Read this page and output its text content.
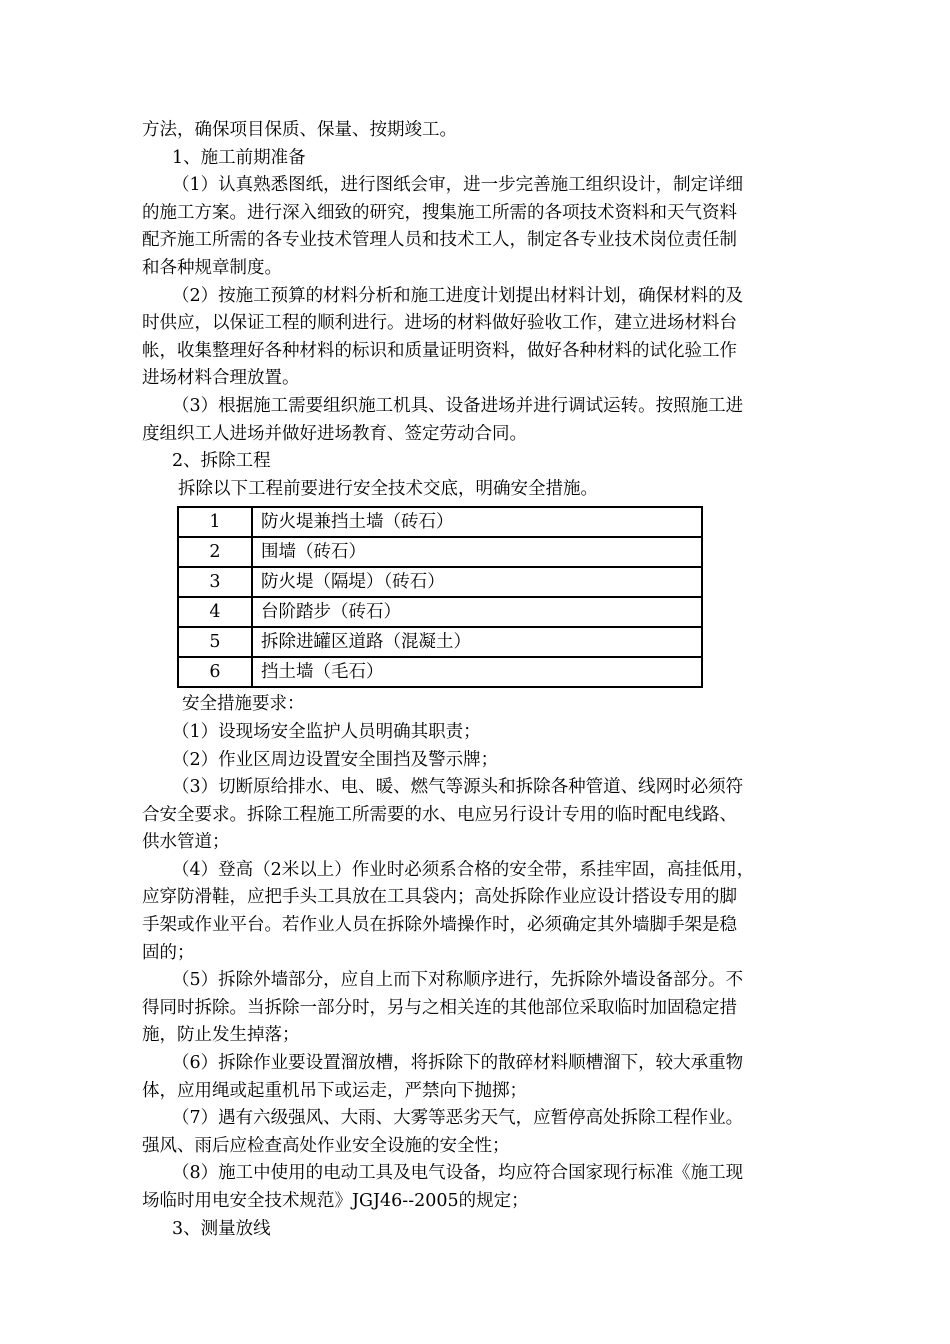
方法，确保项目保质、保量、按期竣工。
1、施工前期准备
（1）认真熟悉图纸，进行图纸会审，进一步完善施工组织设计，制定详细
的施工方案。进行深入细致的研究，搜集施工所需的各项技术资料和天气资料
配齐施工所需的各专业技术管理人员和技术工人，制定各专业技术岗位责任制
和各种规章制度。
（2）按施工预算的材料分析和施工进度计划提出材料计划，确保材料的及
时供应，以保证工程的顺利进行。进场的材料做好验收工作，建立进场材料台
帐，收集整理好各种材料的标识和质量证明资料，做好各种材料的试化验工作
进场材料合理放置。
（3）根据施工需要组织施工机具、设备进场并进行调试运转。按照施工进
度组织工人进场并做好进场教育、签定劳动合同。
2、拆除工程
拆除以下工程前要进行安全技术交底，明确安全措施。
1	防火堤兼挡土墙（砖石）
2	围墙（砖石）
3	防火堤（隔堤）（砖石）
4	台阶踏步（砖石）
5	拆除进罐区道路（混凝土）
6	挡土墙（毛石）
安全措施要求：
（1）设现场安全监护人员明确其职责；
（2）作业区周边设置安全围挡及警示牌；
（3）切断原给排水、电、暖、燃气等源头和拆除各种管道、线网时必须符
合安全要求。拆除工程施工所需要的水、电应另行设计专用的临时配电线路、
供水管道；
（4）登高（2米以上）作业时必须系合格的安全带，系挂牢固，高挂低用，
应穿防滑鞋，应把手头工具放在工具袋内；高处拆除作业应设计搭设专用的脚
手架或作业平台。若作业人员在拆除外墙操作时，必须确定其外墙脚手架是稳
固的；
（5）拆除外墙部分，应自上而下对称顺序进行，先拆除外墙设备部分。不
得同时拆除。当拆除一部分时，另与之相关连的其他部位采取临时加固稳定措
施，防止发生掉落；
（6）拆除作业要设置溜放槽，将拆除下的散碎材料顺槽溜下，较大承重物
体，应用绳或起重机吊下或运走，严禁向下抛掷；
（7）遇有六级强风、大雨、大雾等恶劣天气，应暂停高处拆除工程作业。
强风、雨后应检查高处作业安全设施的安全性；
（8）施工中使用的电动工具及电气设备，均应符合国家现行标准《施工现
场临时用电安全技术规范》JGJ46--2005的规定；
3、测量放线
